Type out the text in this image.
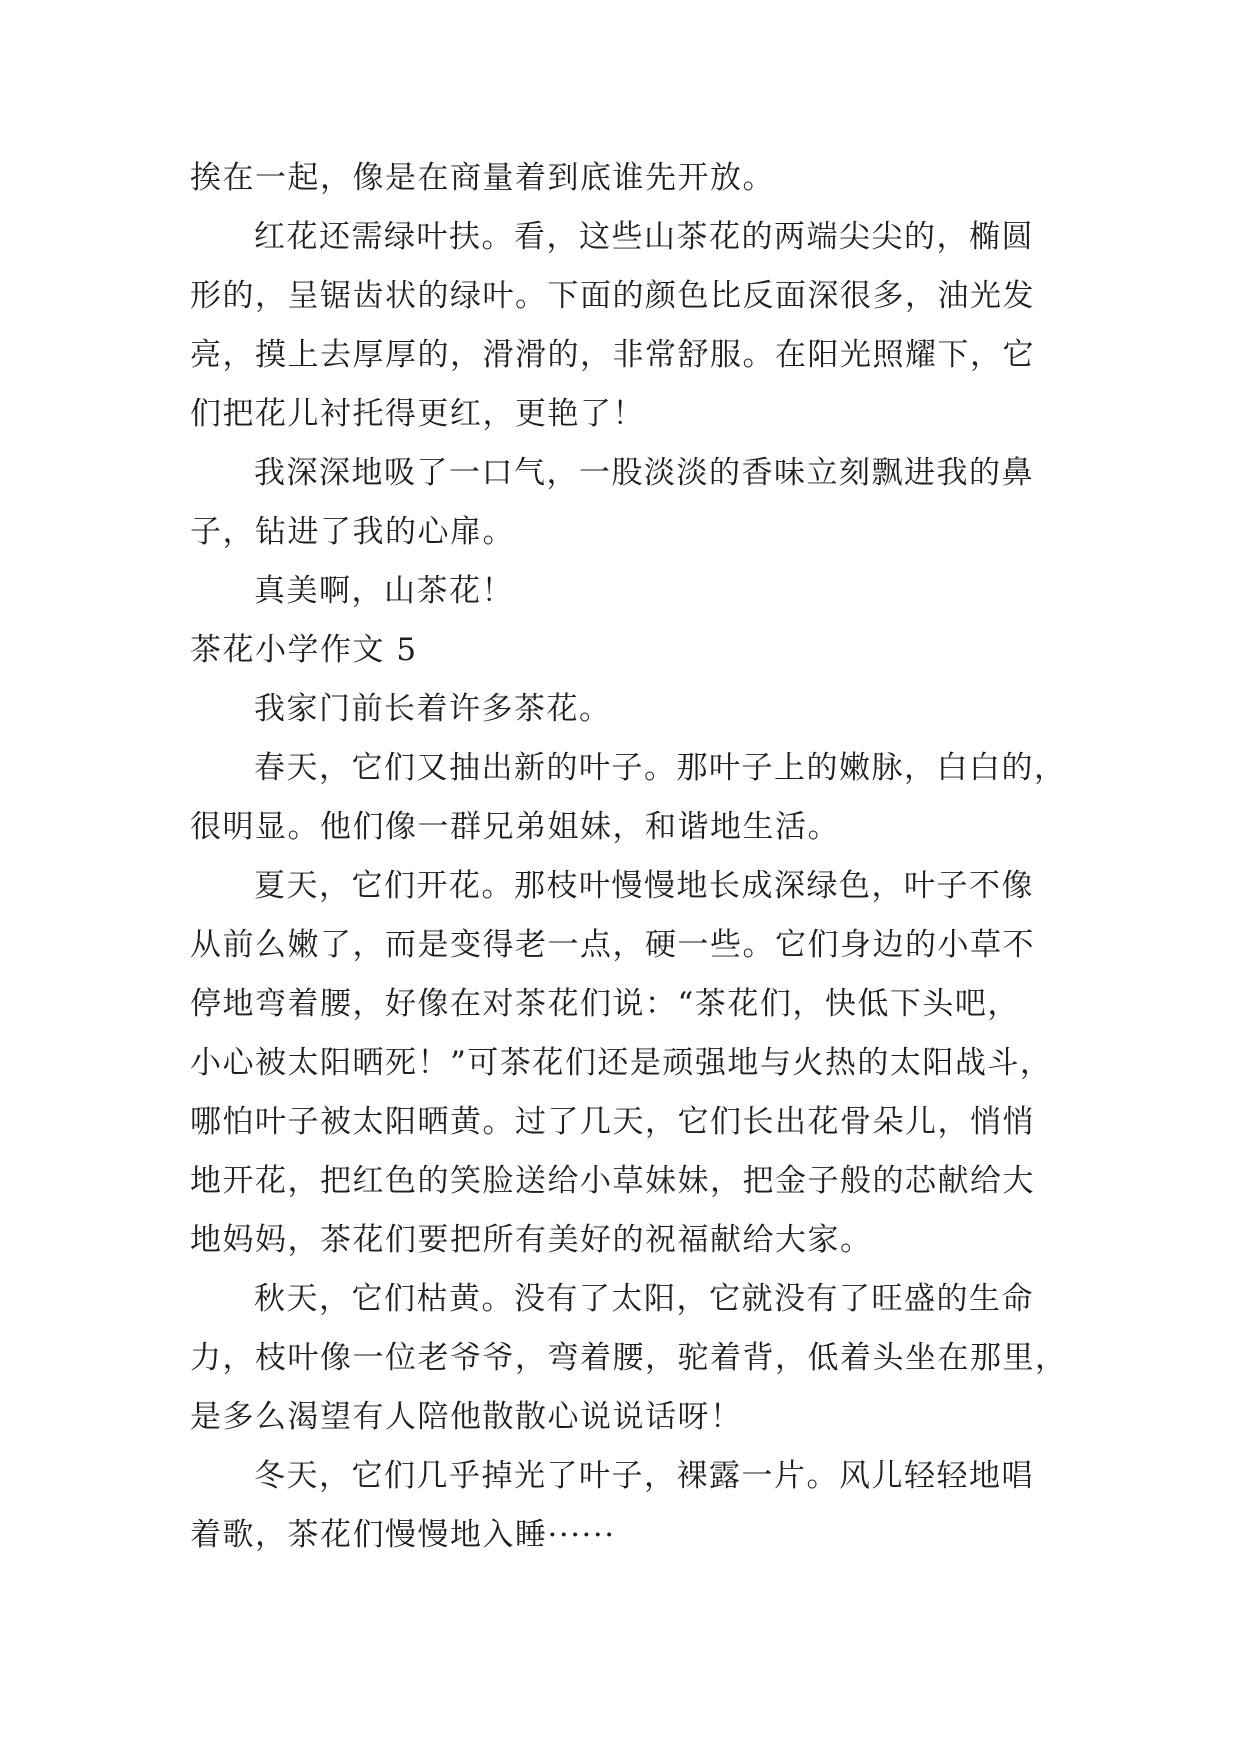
挨在一起，像是在商量着到底谁先开放。
红花还需绿叶扶。看，这些山茶花的两端尖尖的，椭圆
形的，呈锯齿状的绿叶。下面的颜色比反面深很多，油光发
亮，摸上去厚厚的，滑滑的，非常舒服。在阳光照耀下，它
们把花儿衬托得更红，更艳了！
我深深地吸了一口气，一股淡淡的香味立刻飘进我的鼻
子，钻进了我的心扉。
真美啊，山茶花！
茶花小学作文 5
我家门前长着许多茶花。
春天，它们又抽出新的叶子。那叶子上的嫩脉，白白的，
很明显。他们像一群兄弟姐妹，和谐地生活。
夏天，它们开花。那枝叶慢慢地长成深绿色，叶子不像
从前么嫩了，而是变得老一点，硬一些。它们身边的小草不
停地弯着腰，好像在对茶花们说：“茶花们，快低下头吧，
小心被太阳晒死！”可茶花们还是顽强地与火热的太阳战斗，
哪怕叶子被太阳晒黄。过了几天，它们长出花骨朵儿，悄悄
地开花，把红色的笑脸送给小草妹妹，把金子般的芯献给大
地妈妈，茶花们要把所有美好的祝福献给大家。
秋天，它们枯黄。没有了太阳，它就没有了旺盛的生命
力，枝叶像一位老爷爷，弯着腰，驼着背，低着头坐在那里，
是多么渴望有人陪他散散心说说话呀！
冬天，它们几乎掉光了叶子，裸露一片。风儿轻轻地唱
着歌，茶花们慢慢地入睡······
